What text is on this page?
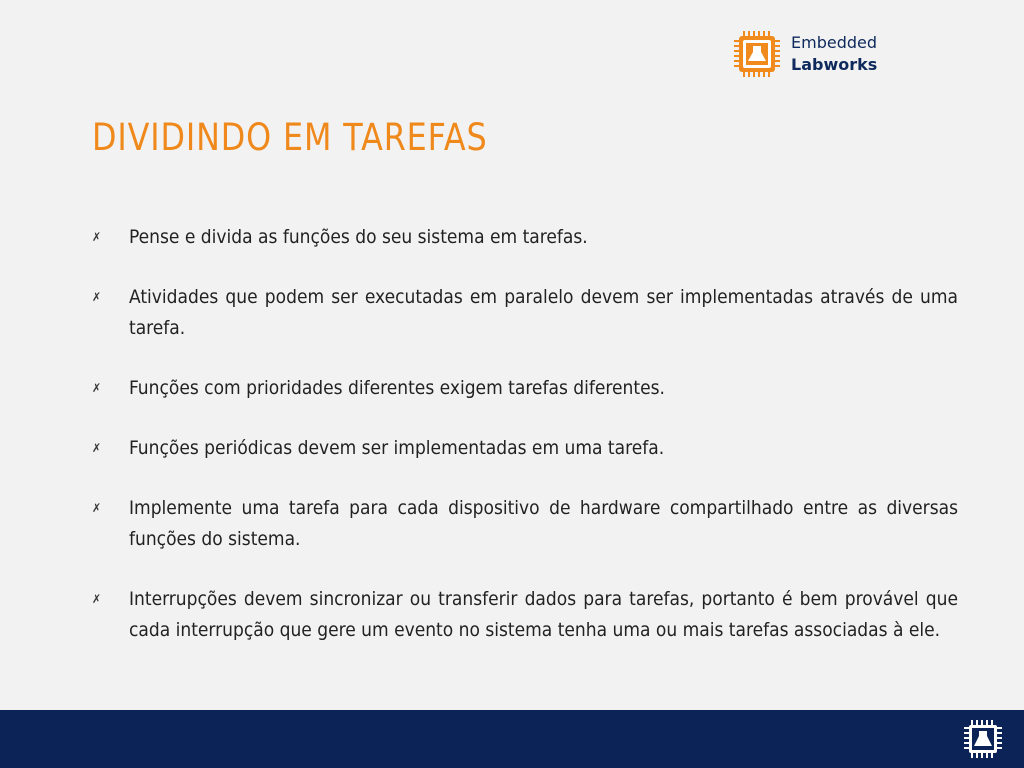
Embedded
Labworks
DIVIDINDO EM TAREFAS
✗ Pense e divida as funções do seu sistema em tarefas.
✗ Atividades que podem ser executadas em paralelo devem ser implementadas através de uma tarefa.
✗ Funções com prioridades diferentes exigem tarefas diferentes.
✗ Funções periódicas devem ser implementadas em uma tarefa.
✗ Implemente uma tarefa para cada dispositivo de hardware compartilhado entre as diversas funções do sistema.
✗ Interrupções devem sincronizar ou transferir dados para tarefas, portanto é bem provável que cada interrupção que gere um evento no sistema tenha uma ou mais tarefas associadas à ele.
